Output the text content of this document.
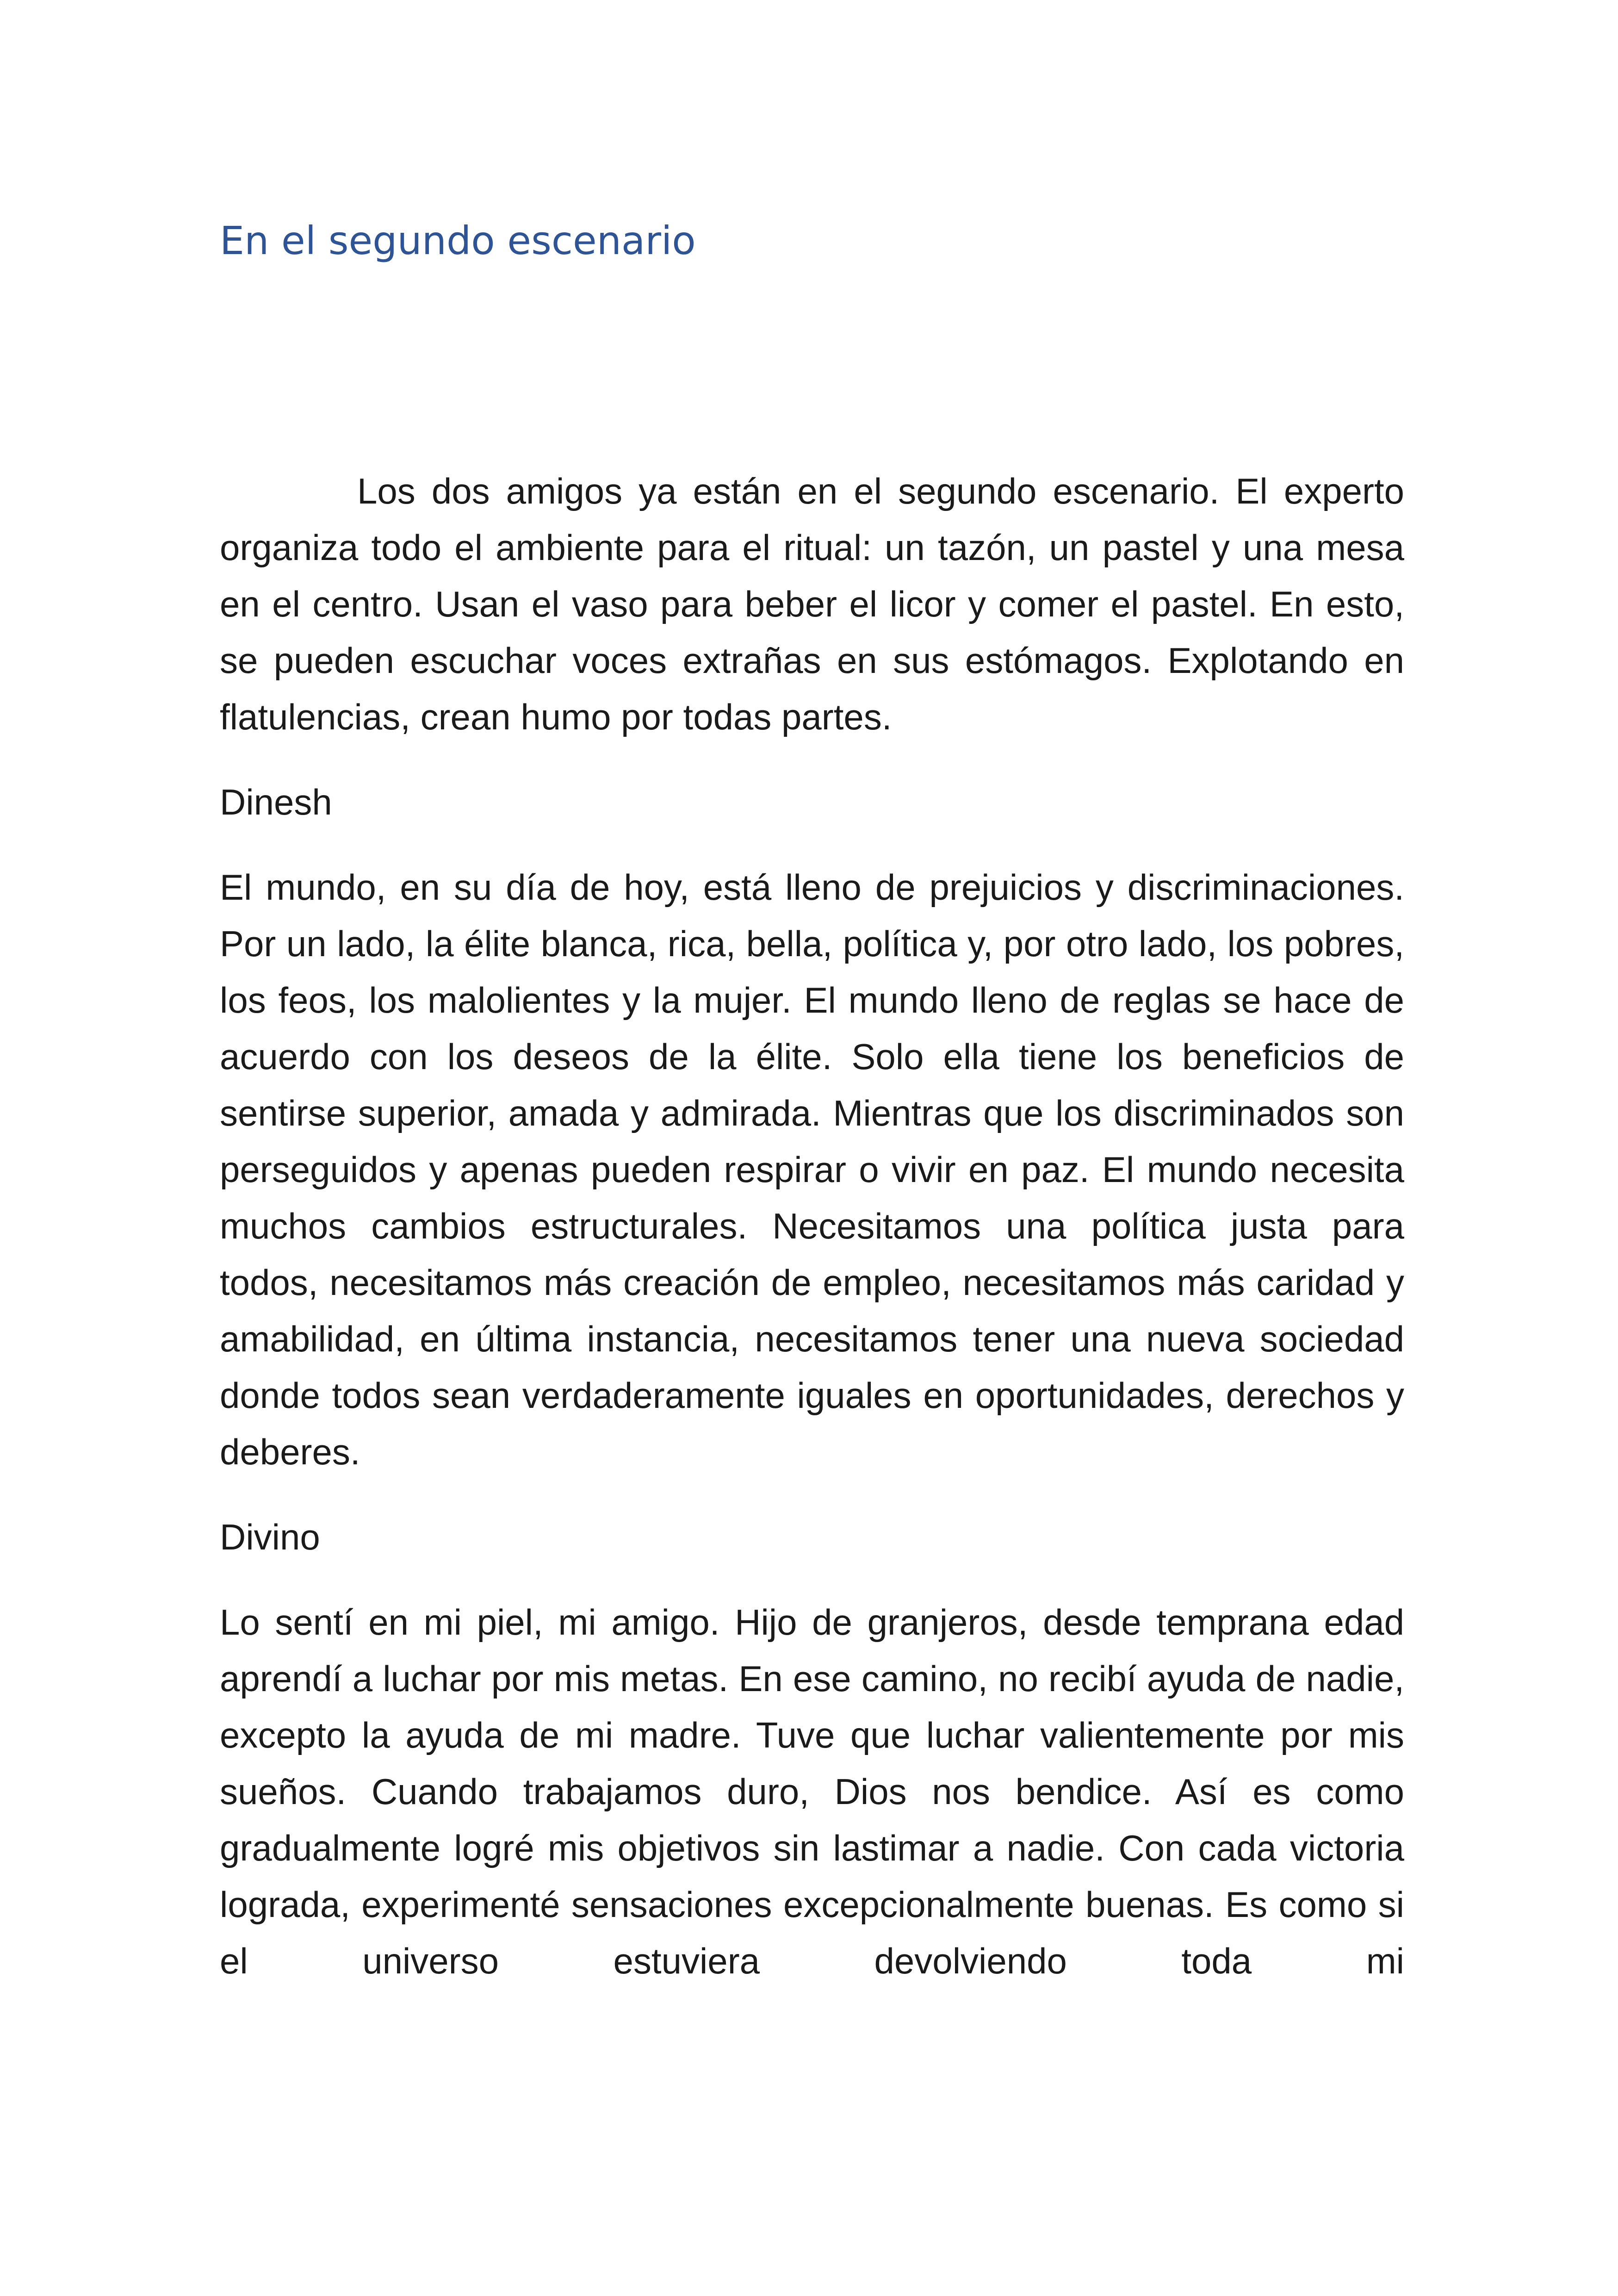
En el segundo escenario

Los dos amigos ya están en el segundo escenario. El experto organiza todo el ambiente para el ritual: un tazón, un pastel y una mesa en el centro. Usan el vaso para beber el licor y comer el pastel. En esto, se pueden escuchar voces extrañas en sus estómagos. Explotando en flatulencias, crean humo por todas partes.

Dinesh

El mundo, en su día de hoy, está lleno de prejuicios y discriminaciones. Por un lado, la élite blanca, rica, bella, política y, por otro lado, los pobres, los feos, los malolientes y la mujer. El mundo lleno de reglas se hace de acuerdo con los deseos de la élite. Solo ella tiene los beneficios de sentirse superior, amada y admirada. Mientras que los discriminados son perseguidos y apenas pueden respirar o vivir en paz. El mundo necesita muchos cambios estructurales. Necesitamos una política justa para todos, necesitamos más creación de empleo, necesitamos más caridad y amabilidad, en última instancia, necesitamos tener una nueva sociedad donde todos sean verdaderamente iguales en oportunidades, derechos y deberes.

Divino

Lo sentí en mi piel, mi amigo. Hijo de granjeros, desde temprana edad aprendí a luchar por mis metas. En ese camino, no recibí ayuda de nadie, excepto la ayuda de mi madre. Tuve que luchar valientemente por mis sueños. Cuando trabajamos duro, Dios nos bendice. Así es como gradualmente logré mis objetivos sin lastimar a nadie. Con cada victoria lograda, experimenté sensaciones excepcionalmente buenas. Es como si el universo estuviera devolviendo toda mi
